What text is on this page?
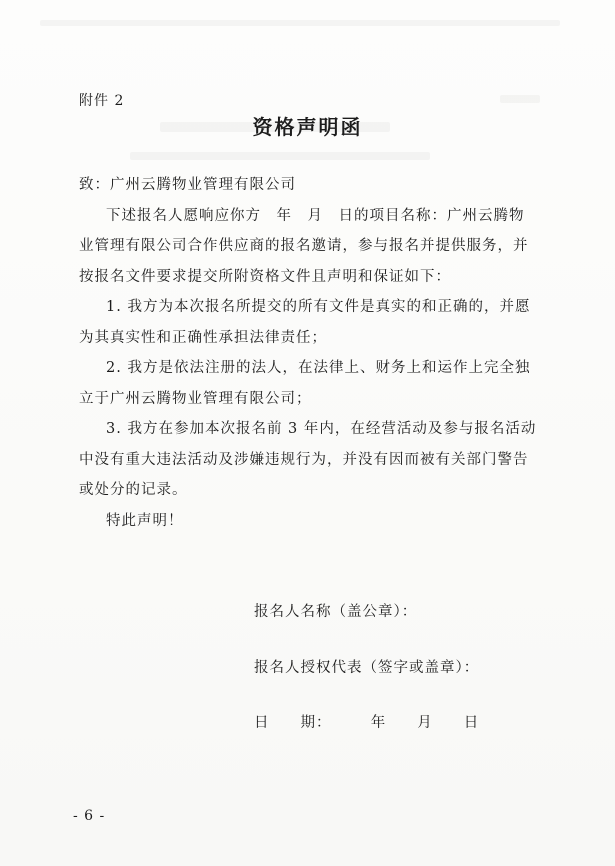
附件 2
资格声明函
致：广州云腾物业管理有限公司
下述报名人愿响应你方　年　月　日的项目名称：广州云腾物
业管理有限公司合作供应商的报名邀请，参与报名并提供服务，并
按报名文件要求提交所附资格文件且声明和保证如下：
1. 我方为本次报名所提交的所有文件是真实的和正确的，并愿
为其真实性和正确性承担法律责任；
2. 我方是依法注册的法人，在法律上、财务上和运作上完全独
立于广州云腾物业管理有限公司；
3. 我方在参加本次报名前 3 年内，在经营活动及参与报名活动
中没有重大违法活动及涉嫌违规行为，并没有因而被有关部门警告
或处分的记录。
特此声明！
报名人名称（盖公章）：
报名人授权代表（签字或盖章）：
日　　期：　　　年　　月　　日
- 6 -
